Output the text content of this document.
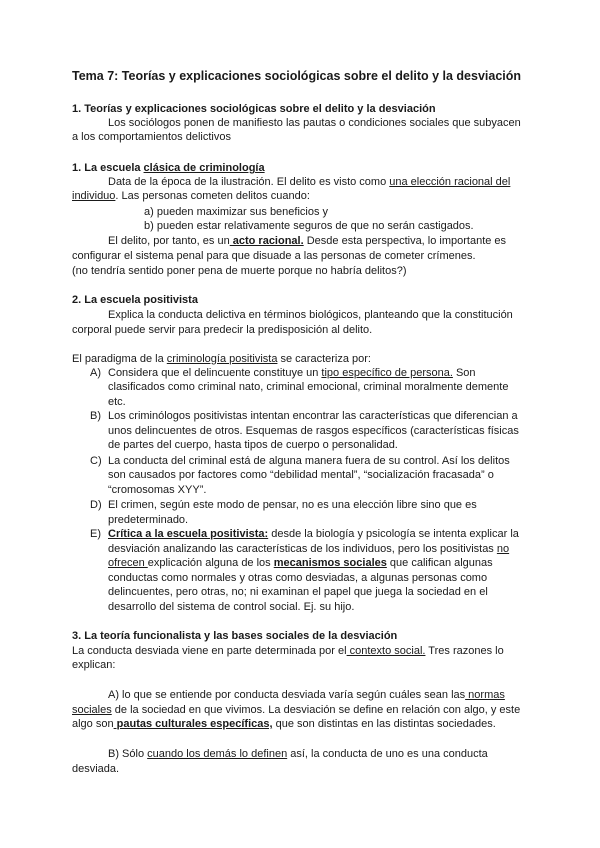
Tema 7: Teorías y explicaciones sociológicas sobre el delito y la desviación
1. Teorías y explicaciones sociológicas sobre el delito y la desviación
Los sociólogos ponen de manifiesto las pautas o condiciones sociales que subyacen
a los comportamientos delictivos
1. La escuela clásica de criminología
Data de la época de la ilustración. El delito es visto como una elección racional del
individuo. Las personas cometen delitos cuando:
a) pueden maximizar sus beneficios y
b) pueden estar relativamente seguros de que no serán castigados.
El delito, por tanto, es un acto racional. Desde esta perspectiva, lo importante es
configurar el sistema penal para que disuade a las personas de cometer crímenes.
(no tendría sentido poner pena de muerte porque no habría delitos?)
2. La escuela positivista
Explica la conducta delictiva en términos biológicos, planteando que la constitución
corporal puede servir para predecir la predisposición al delito.
El paradigma de la criminología positivista se caracteriza por:
A) Considera que el delincuente constituye un tipo específico de persona. Son
clasificados como criminal nato, criminal emocional, criminal moralmente demente
etc.
B) Los criminólogos positivistas intentan encontrar las características que diferencian a
unos delincuentes de otros. Esquemas de rasgos específicos (características físicas
de partes del cuerpo, hasta tipos de cuerpo o personalidad.
C) La conducta del criminal está de alguna manera fuera de su control. Así los delitos
son causados por factores como “debilidad mental”, “socialización fracasada” o
“cromosomas XYY”.
D) El crimen, según este modo de pensar, no es una elección libre sino que es
predeterminado.
E) Crítica a la escuela positivista: desde la biología y psicología se intenta explicar la
desviación analizando las características de los individuos, pero los positivistas no
ofrecen explicación alguna de los mecanismos sociales que califican algunas
conductas como normales y otras como desviadas, a algunas personas como
delincuentes, pero otras, no; ni examinan el papel que juega la sociedad en el
desarrollo del sistema de control social. Ej. su hijo.
3. La teoría funcionalista y las bases sociales de la desviación
La conducta desviada viene en parte determinada por el contexto social. Tres razones lo
explican:
A) lo que se entiende por conducta desviada varía según cuáles sean las normas
sociales de la sociedad en que vivimos. La desviación se define en relación con algo, y este
algo son pautas culturales específicas, que son distintas en las distintas sociedades.
B) Sólo cuando los demás lo definen así, la conducta de uno es una conducta
desviada.
